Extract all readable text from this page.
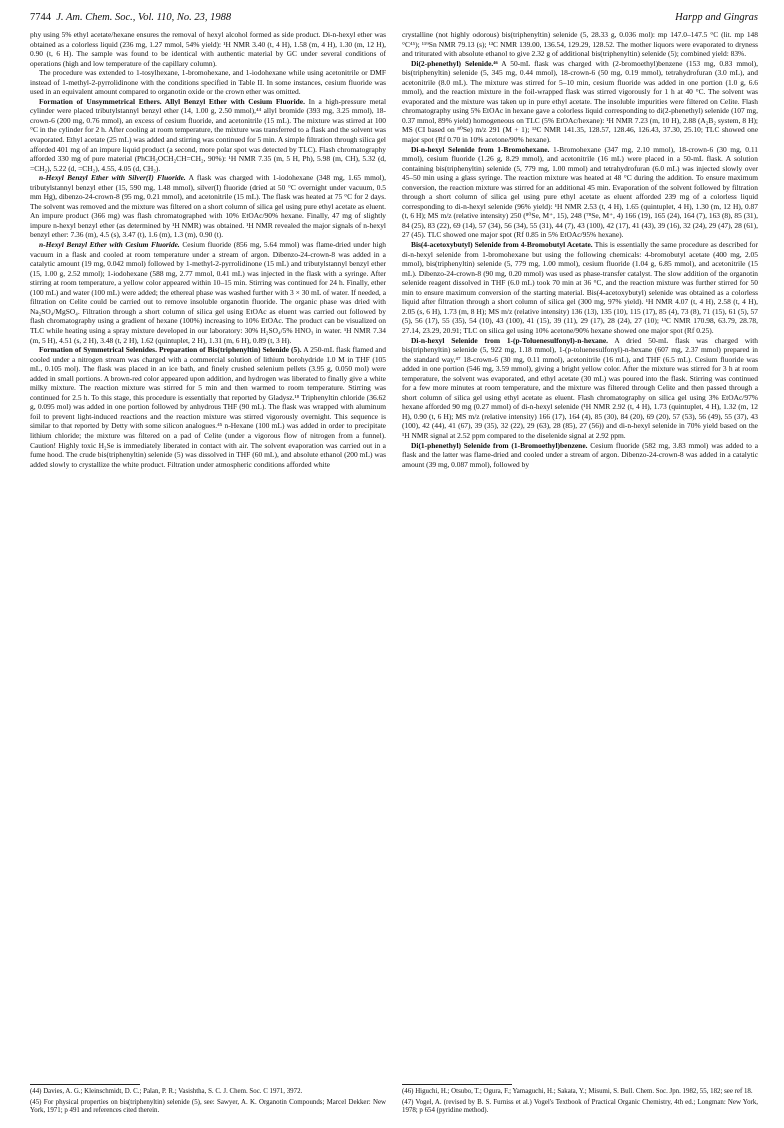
7744 J. Am. Chem. Soc., Vol. 110, No. 23, 1988	Harpp and Gingras

phy using 5% ethyl acetate/hexane ensures the removal of hexyl alcohol formed as side product. Di-n-hexyl ether was obtained as a colorless liquid (236 mg, 1.27 mmol, 54% yield): ¹H NMR 3.40 (t, 4 H), 1.58 (m, 4 H), 1.30 (m, 12 H), 0.90 (t, 6 H). The sample was found to be identical with authentic material by GC under several conditions of operations (high and low temperature of the capillary column).

The procedure was extended to 1-tosylhexane, 1-bromohexane, and 1-iodohexane while using acetonitrile or DMF instead of 1-methyl-2-pyrrolidinone with the conditions specified in Table II. In some instances, cesium fluoride was used in an equivalent amount compared to organotin oxide or the crown ether was omitted.

Formation of Unsymmetrical Ethers. Allyl Benzyl Ether with Cesium Fluoride. In a high-pressure metal cylinder were placed tributylstannyl benzyl ether (14, 1.00 g, 2.50 mmol),⁴⁴ allyl bromide (393 mg, 3.25 mmol), 18-crown-6 (200 mg, 0.76 mmol), an excess of cesium fluoride, and acetonitrile (15 mL). The mixture was stirred at 100 °C in the cylinder for 2 h. After cooling at room temperature, the mixture was transferred to a flask and the solvent was evaporated. Ethyl acetate (25 mL) was added and stirring was continued for 5 min. A simple filtration through silica gel afforded 401 mg of an impure liquid product (a second, more polar spot was detected by TLC). Flash chromatography afforded 330 mg of pure material (PhCH₂OCH₂CH=CH₂, 90%): ¹H NMR 7.35 (m, 5 H, Ph), 5.98 (m, CH), 5.32 (d, =CH₂), 5.22 (d, =CH₂), 4.55, 4.05 (d, CH₂).

n-Hexyl Benzyl Ether with Silver(I) Fluoride. A flask was charged with 1-iodohexane (348 mg, 1.65 mmol), tributylstannyl benzyl ether (15, 590 mg, 1.48 mmol), silver(I) fluoride (dried at 50 °C overnight under vacuum, 0.5 mm Hg), dibenzo-24-crown-8 (95 mg, 0.21 mmol), and acetonitrile (15 mL). The flask was heated at 75 °C for 2 days. The solvent was removed and the mixture was filtered on a short column of silica gel using pure ethyl acetate as eluent. An impure product (366 mg) was flash chromatographed with 10% EtOAc/90% hexane. Finally, 47 mg of slightly impure n-hexyl benzyl ether (as determined by ¹H NMR) was obtained. ¹H NMR revealed the major signals of n-hexyl benzyl ether: 7.36 (m), 4.5 (s), 3.47 (t), 1.6 (m), 1.3 (m), 0.90 (t).

n-Hexyl Benzyl Ether with Cesium Fluoride. Cesium fluoride (856 mg, 5.64 mmol) was flame-dried under high vacuum in a flask and cooled at room temperature under a stream of argon. Dibenzo-24-crown-8 was added in a catalytic amount (19 mg, 0.042 mmol) followed by 1-methyl-2-pyrrolidinone (15 mL) and tributylstannyl benzyl ether (15, 1.00 g, 2.52 mmol); 1-iodohexane (588 mg, 2.77 mmol, 0.41 mL) was injected in the flask with a syringe. After stirring at room temperature, a yellow color appeared within 10–15 min. Stirring was continued for 24 h. Finally, ether (100 mL) and water (100 mL) were added; the ethereal phase was washed further with 3 × 30 mL of water. If needed, a filtration on Celite could be carried out to remove insoluble organotin fluoride. The organic phase was dried with Na₂SO₄/MgSO₄. Filtration through a short column of silica gel using EtOAc as eluent was carried out followed by flash chromatography using a gradient of hexane (100%) increasing to 10% EtOAc. The product can be visualized on TLC while heating using a spray mixture developed in our laboratory: 30% H₂SO₄/5% HNO₃ in water. ¹H NMR 7.34 (m, 5 H), 4.51 (s, 2 H), 3.48 (t, 2 H), 1.62 (quintuplet, 2 H), 1.31 (m, 6 H), 0.89 (t, 3 H).

Formation of Symmetrical Selenides. Preparation of Bis(triphenyltin) Selenide (5). A 250-mL flask flamed and cooled under a nitrogen stream was charged with a commercial solution of lithium borohydride 1.0 M in THF (105 mL, 0.105 mol). The flask was placed in an ice bath, and finely crushed selenium pellets (3.95 g, 0.050 mol) were added in small portions. A brown-red color appeared upon addition, and hydrogen was liberated to finally give a white milky mixture. The reaction mixture was stirred for 5 min and then warmed to room temperature. Stirring was continued for 2.5 h. To this stage, this procedure is essentially that reported by Gladysz.¹⁸ Triphenyltin chloride (36.62 g, 0.095 mol) was added in one portion followed by anhydrous THF (90 mL). The flask was wrapped with aluminum foil to prevent light-induced reactions and the reaction mixture was stirred vigorously overnight. This sequence is similar to that reported by Detty with some silicon analogues.⁴⁵ n-Hexane (100 mL) was added in order to precipitate lithium chloride; the mixture was filtered on a pad of Celite (under a vigorous flow of nitrogen from a funnel). Caution! Highly toxic H₂Se is immediately liberated in contact with air. The solvent evaporation was carried out in a fume hood. The crude bis(triphenyltin) selenide (5) was dissolved in THF (60 mL), and absolute ethanol (200 mL) was added slowly to crystallize the white product. Filtration under atmospheric conditions afforded white

crystalline (not highly odorous) bis(triphenyltin) selenide (5, 28.33 g, 0.036 mol): mp 147.0–147.5 °C (lit. mp 148 °C⁴⁵); ¹¹⁹Sn NMR 79.13 (s); ¹³C NMR 139.00, 136.54, 129.29, 128.52. The mother liquors were evaporated to dryness and triturated with absolute ethanol to give 2.32 g of additional bis(triphenyltin) selenide (5); combined yield: 83%.

Di(2-phenethyl) Selenide.⁴⁶ A 50-mL flask was charged with (2-bromoethyl)benzene (153 mg, 0.83 mmol), bis(triphenyltin) selenide (5, 345 mg, 0.44 mmol), 18-crown-6 (50 mg, 0.19 mmol), tetrahydrofuran (3.0 mL), and acetonitrile (8.0 mL). The mixture was stirred for 5–10 min, cesium fluoride was added in one portion (1.0 g, 6.6 mmol), and the reaction mixture in the foil-wrapped flask was stirred vigorously for 1 h at 40 °C. The solvent was evaporated and the mixture was taken up in pure ethyl acetate. The insoluble impurities were filtered on Celite. Flash chromatography using 5% EtOAc in hexane gave a colorless liquid corresponding to di(2-phenethyl) selenide (107 mg, 0.37 mmol, 89% yield) homogeneous on TLC (5% EtOAc/hexane): ¹H NMR 7.23 (m, 10 H), 2.88 (A₂B₂ system, 8 H); MS (CI based on ⁸⁰Se) m/z 291 (M + 1); ¹³C NMR 141.35, 128.57, 128.46, 126.43, 37.30, 25.10; TLC showed one major spot (Rf 0.70 in 10% acetone/90% hexane).

Di-n-hexyl Selenide from 1-Bromohexane. 1-Bromohexane (347 mg, 2.10 mmol), 18-crown-6 (30 mg, 0.11 mmol), cesium fluoride (1.26 g, 8.29 mmol), and acetonitrile (16 mL) were placed in a 50-mL flask. A solution containing bis(triphenyltin) selenide (5, 779 mg, 1.00 mmol) and tetrahydrofuran (6.0 mL) was injected slowly over 45–50 min using a glass syringe. The reaction mixture was heated at 48 °C during the addition. To ensure maximum conversion, the reaction mixture was stirred for an additional 45 min. Evaporation of the solvent followed by filtration through a short column of silica gel using pure ethyl acetate as eluent afforded 239 mg of a colorless liquid corresponding to di-n-hexyl selenide (96% yield): ¹H NMR 2.53 (t, 4 H), 1.65 (quintuplet, 4 H), 1.30 (m, 12 H), 0.87 (t, 6 H); MS m/z (relative intensity) 250 (⁸⁰Se, M⁺, 15), 248 (⁷⁸Se, M⁺, 4) 166 (19), 165 (24), 164 (7), 163 (8), 85 (31), 84 (25), 83 (22), 69 (14), 57 (34), 56 (34), 55 (31), 44 (7), 43 (100), 42 (17), 41 (43), 39 (16), 32 (24), 29 (47), 28 (61), 27 (45). TLC showed one major spot (Rf 0.85 in 5% EtOAc/95% hexane).

Bis(4-acetoxybutyl) Selenide from 4-Bromobutyl Acetate. This is essentially the same procedure as described for di-n-hexyl selenide from 1-bromohexane but using the following chemicals: 4-bromobutyl acetate (400 mg, 2.05 mmol), bis(triphenyltin) selenide (5, 779 mg, 1.00 mmol), cesium fluoride (1.04 g, 6.85 mmol), and acetonitrile (15 mL). Dibenzo-24-crown-8 (90 mg, 0.20 mmol) was used as phase-transfer catalyst. The slow addition of the organotin selenide reagent dissolved in THF (6.0 mL) took 70 min at 36 °C, and the reaction mixture was further stirred for 50 min to ensure maximum conversion of the starting material. Bis(4-acetoxybutyl) selenide was obtained as a colorless liquid after filtration through a short column of silica gel (300 mg, 97% yield). ¹H NMR 4.07 (t, 4 H), 2.58 (t, 4 H), 2.05 (s, 6 H), 1.73 (m, 8 H); MS m/z (relative intensity) 136 (13), 135 (10), 115 (17), 85 (4), 73 (8), 71 (15), 61 (5), 57 (5), 56 (17), 55 (35), 54 (10), 43 (100), 41 (15), 39 (11), 29 (17), 28 (24), 27 (10); ¹³C NMR 170.98, 63.79, 28.78, 27.14, 23.29, 20.91; TLC on silica gel using 10% acetone/90% hexane showed one major spot (Rf 0.25).

Di-n-hexyl Selenide from 1-(p-Toluenesulfonyl)-n-hexane. A dried 50-mL flask was charged with bis(triphenyltin) selenide (5, 922 mg, 1.18 mmol), 1-(p-toluenesulfonyl)-n-hexane (607 mg, 2.37 mmol) prepared in the standard way,⁴⁷ 18-crown-6 (30 mg, 0.11 mmol), acetonitrile (16 mL), and THF (6.5 mL). Cesium fluoride was added in one portion (546 mg, 3.59 mmol), giving a bright yellow color. After the mixture was stirred for 3 h at room temperature, the solvent was evaporated, and ethyl acetate (30 mL) was poured into the flask. Stirring was continued for a few more minutes at room temperature, and the mixture was filtered through Celite and then passed through a short column of silica gel using ethyl acetate as eluent. Flash chromatography on silica gel using 3% EtOAc/97% hexane afforded 90 mg (0.27 mmol) of di-n-hexyl selenide (¹H NMR 2.92 (t, 4 H), 1.73 (quintuplet, 4 H), 1.32 (m, 12 H), 0.90 (t, 6 H); MS m/z (relative intensity) 166 (17), 164 (4), 85 (30), 84 (20), 69 (20), 57 (53), 56 (49), 55 (37), 43 (100), 42 (44), 41 (67), 39 (35), 32 (22), 29 (63), 28 (85), 27 (56)) and di-n-hexyl selenide in 70% yield based on the ¹H NMR signal at 2.52 ppm compared to the diselenide signal at 2.92 ppm.

Di(1-phenethyl) Selenide from (1-Bromoethyl)benzene. Cesium fluoride (582 mg, 3.83 mmol) was added to a flask and the latter was flame-dried and cooled under a stream of argon. Dibenzo-24-crown-8 was added in a catalytic amount (39 mg, 0.087 mmol), followed by

(44) Davies, A. G.; Kleinschmidt, D. C.; Palan, P. R.; Vasishtha, S. C. J. Chem. Soc. C 1971, 3972.

(45) For physical properties on bis(triphenyltin) selenide (5), see: Sawyer, A. K. Organotin Compounds; Marcel Dekker: New York, 1971; p 491 and references cited therein.

(46) Higuchi, H.; Otsubo, T.; Ogura, F.; Yamaguchi, H.; Sakata, Y.; Misumi, S. Bull. Chem. Soc. Jpn. 1982, 55, 182; see ref 18.

(47) Vogel, A. (revised by B. S. Furniss et al.) Vogel's Textbook of Practical Organic Chemistry, 4th ed.; Longman: New York, 1978; p 654 (pyridine method).
